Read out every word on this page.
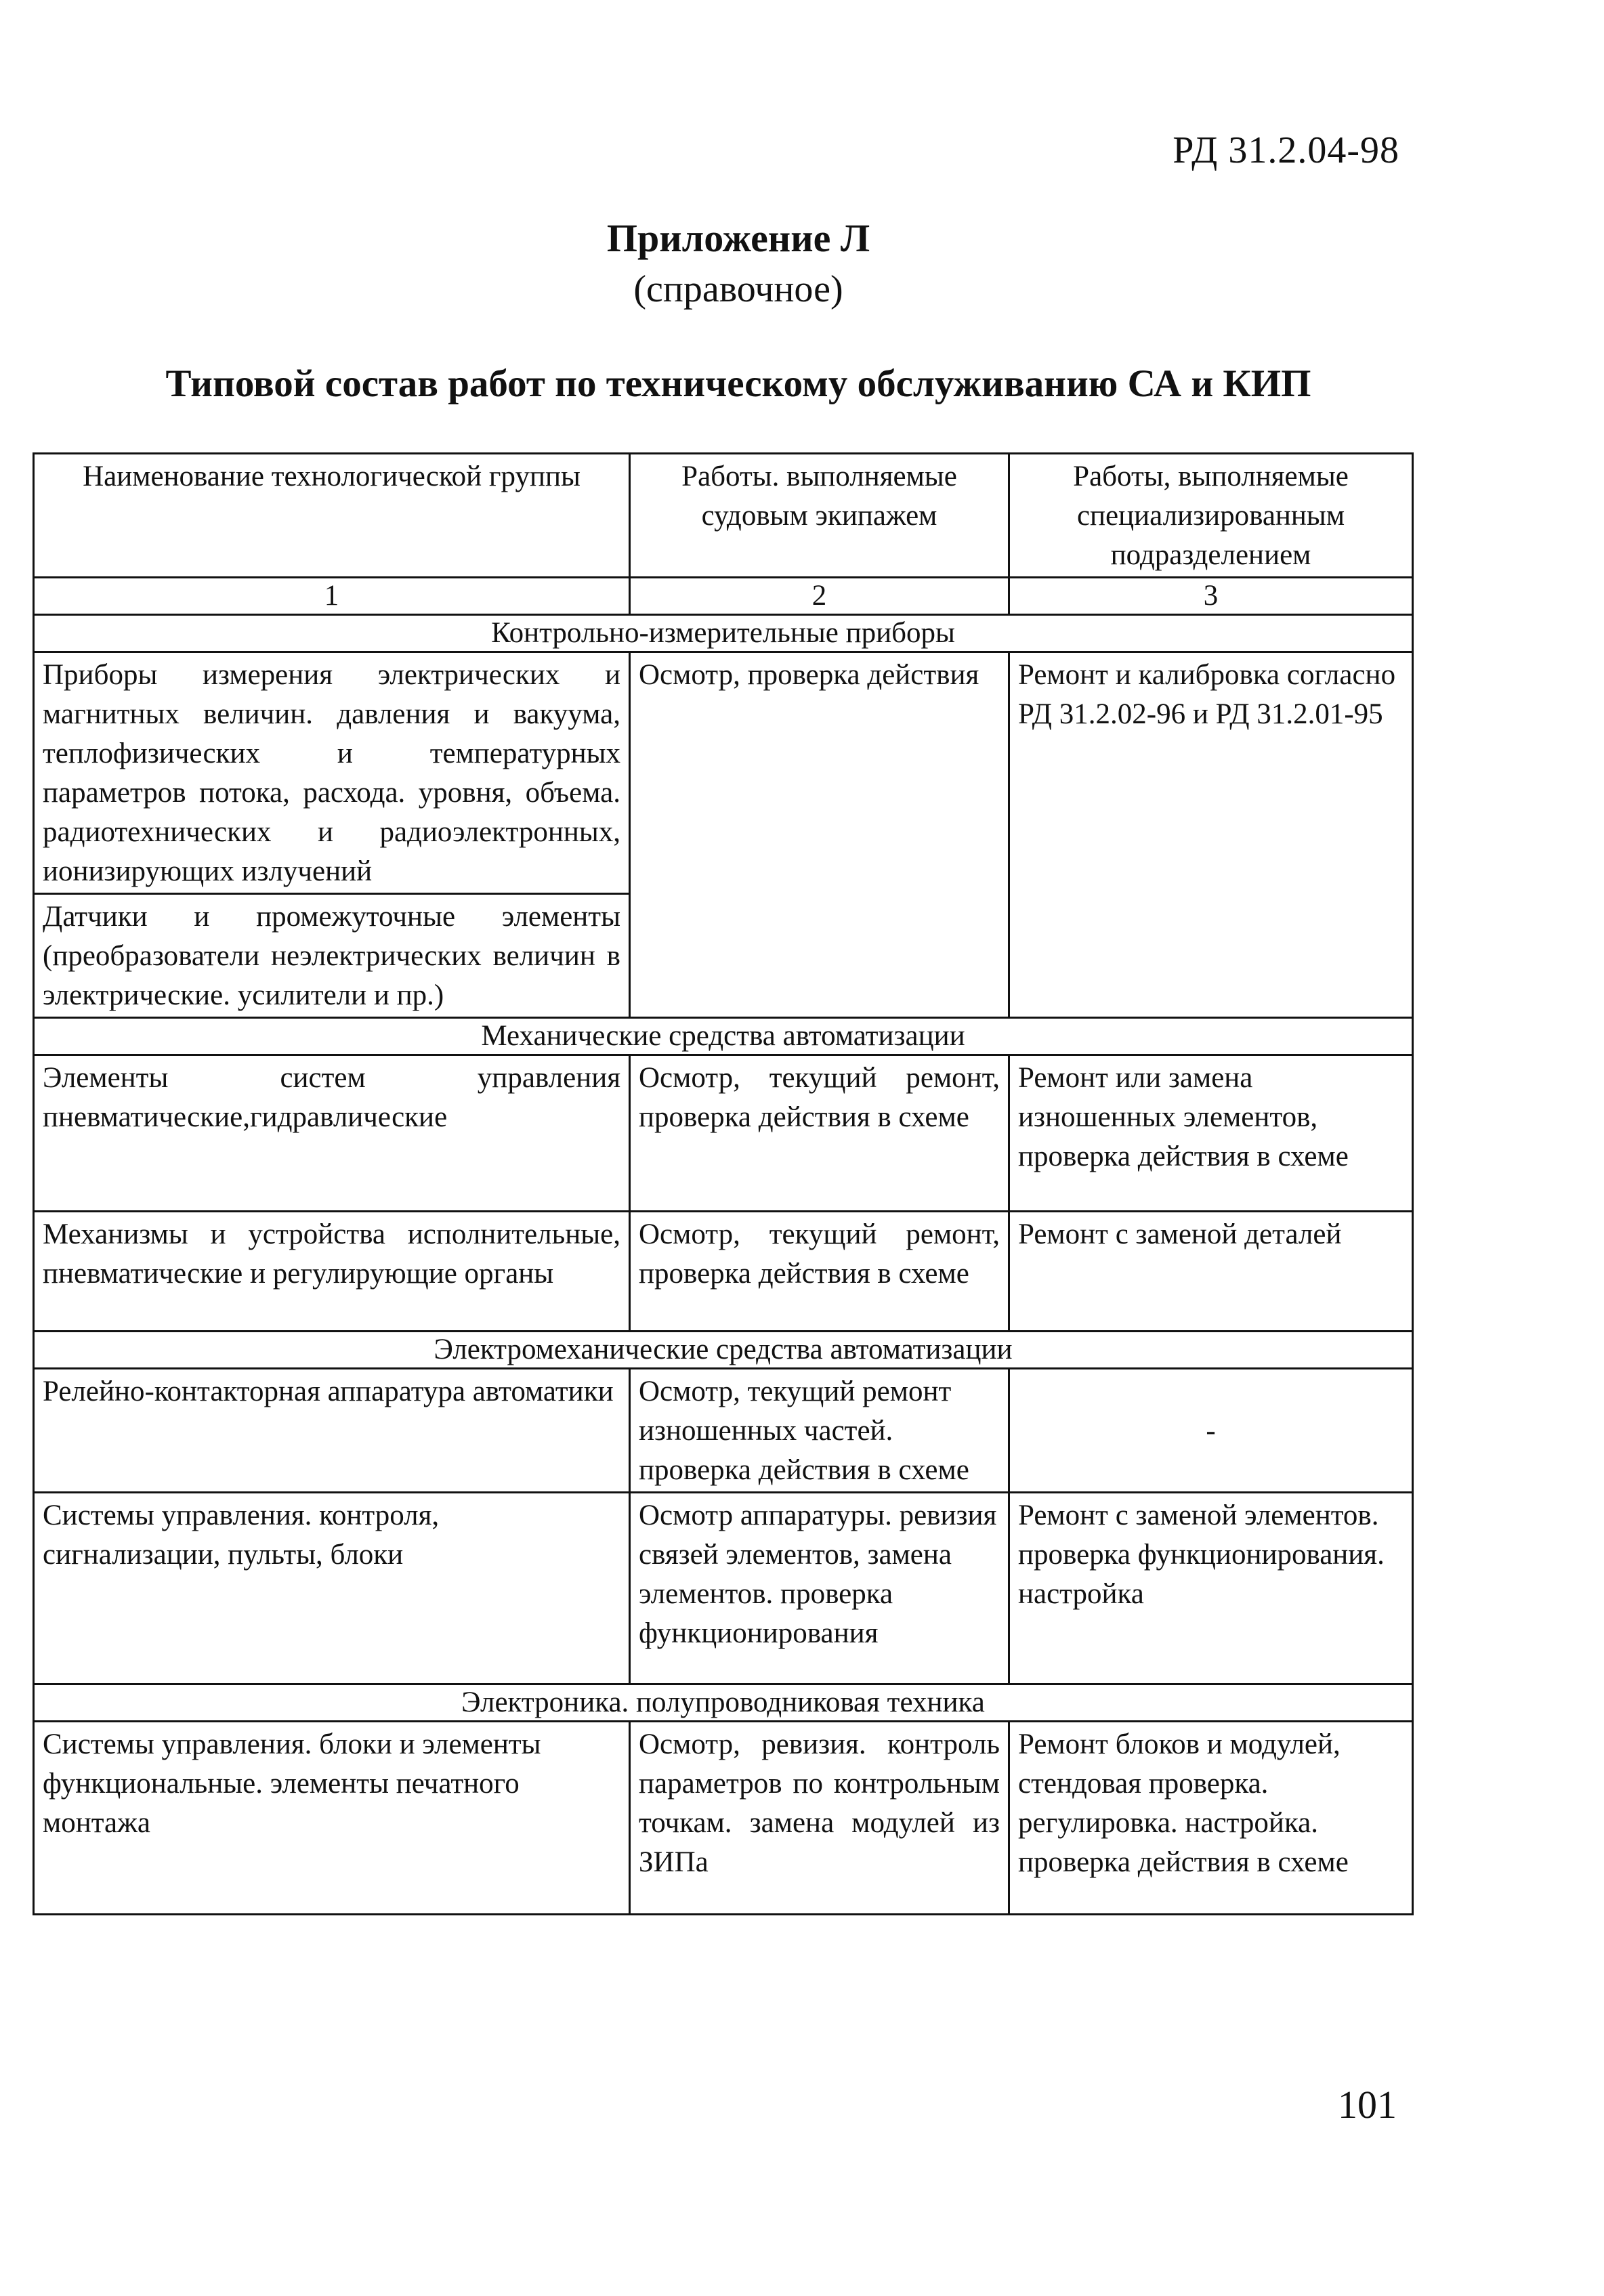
РД 31.2.04-98
Приложение Л
(справочное)
Типовой состав работ по техническому обслуживанию СА и КИП
Наименование технологической группы	Работы. выполняемые судовым экипажем	Работы, выполняемые специализированным подразделением
1	2	3
Контрольно-измерительные приборы		
Приборы измерения электрических и магнитных величин. давления и вакуума, теплофизических и температурных параметров потока, расхода. уровня, объема. радиотехнических и радиоэлектронных, ионизирующих излучений	Осмотр, проверка действия	Ремонт и калибровка согласно РД 31.2.02-96 и РД 31.2.01-95
Датчики и промежуточные элементы (преобразователи неэлектрических величин в электрические. усилители и пр.)		
Механические средства автоматизации		
Элементы систем управления пневматические,гидравлические	Осмотр, текущий ремонт, проверка действия в схеме	Ремонт или замена изношенных элементов, проверка действия в схеме
Механизмы и устройства исполнительные, пневматические и регулирующие органы	Осмотр, текущий ремонт, проверка действия в схеме	Ремонт с заменой деталей
Электромеханические средства автоматизации		
Релейно-контакторная аппаратура автоматики	Осмотр, текущий ремонт изношенных частей. проверка действия в схеме	-
Системы управления. контроля, сигнализации, пульты, блоки	Осмотр аппаратуры. ревизия связей элементов, замена элементов. проверка функционирования	Ремонт с заменой элементов. проверка функционирования. настройка
Электроника. полупроводниковая техника		
Системы управления. блоки и элементы функциональные. элементы печатного монтажа	Осмотр, ревизия. контроль параметров по контрольным точкам. замена модулей из ЗИПа	Ремонт блоков и модулей, стендовая проверка. регулировка. настройка. проверка действия в схеме
101
